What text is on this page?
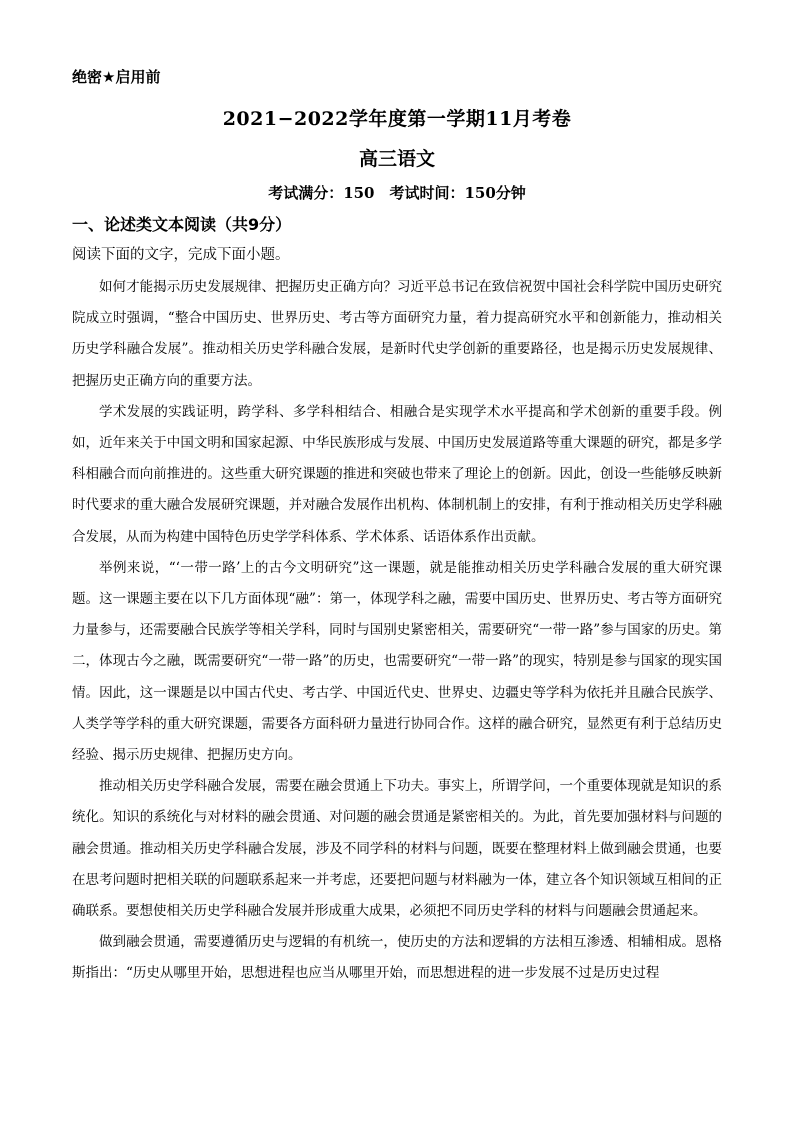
绝密★启用前
2021−2022学年度第一学期11月考卷
高三语文
考试满分：150　考试时间：150分钟
一、论述类文本阅读（共9分）
阅读下面的文字，完成下面小题。

如何才能揭示历史发展规律、把握历史正确方向？习近平总书记在致信祝贺中国社会科学院中国历史研究院成立时强调，“整合中国历史、世界历史、考古等方面研究力量，着力提高研究水平和创新能力，推动相关历史学科融合发展”。推动相关历史学科融合发展，是新时代史学创新的重要路径，也是揭示历史发展规律、把握历史正确方向的重要方法。

学术发展的实践证明，跨学科、多学科相结合、相融合是实现学术水平提高和学术创新的重要手段。例如，近年来关于中国文明和国家起源、中华民族形成与发展、中国历史发展道路等重大课题的研究，都是多学科相融合而向前推进的。这些重大研究课题的推进和突破也带来了理论上的创新。因此，创设一些能够反映新时代要求的重大融合发展研究课题，并对融合发展作出机构、体制机制上的安排，有利于推动相关历史学科融合发展，从而为构建中国特色历史学学科体系、学术体系、话语体系作出贡献。

举例来说，“‘一带一路’上的古今文明研究”这一课题，就是能推动相关历史学科融合发展的重大研究课题。这一课题主要在以下几方面体现“融”：第一，体现学科之融，需要中国历史、世界历史、考古等方面研究力量参与，还需要融合民族学等相关学科，同时与国别史紧密相关，需要研究“一带一路”参与国家的历史。第二，体现古今之融，既需要研究“一带一路”的历史，也需要研究“一带一路”的现实，特别是参与国家的现实国情。因此，这一课题是以中国古代史、考古学、中国近代史、世界史、边疆史等学科为依托并且融合民族学、人类学等学科的重大研究课题，需要各方面科研力量进行协同合作。这样的融合研究，显然更有利于总结历史经验、揭示历史规律、把握历史方向。

推动相关历史学科融合发展，需要在融会贯通上下功夫。事实上，所谓学问，一个重要体现就是知识的系统化。知识的系统化与对材料的融会贯通、对问题的融会贯通是紧密相关的。为此，首先要加强材料与问题的融会贯通。推动相关历史学科融合发展，涉及不同学科的材料与问题，既要在整理材料上做到融会贯通，也要在思考问题时把相关联的问题联系起来一并考虑，还要把问题与材料融为一体，建立各个知识领域互相间的正确联系。要想使相关历史学科融合发展并形成重大成果，必须把不同历史学科的材料与问题融会贯通起来。

做到融会贯通，需要遵循历史与逻辑的有机统一，使历史的方法和逻辑的方法相互渗透、相辅相成。恩格斯指出：“历史从哪里开始，思想进程也应当从哪里开始，而思想进程的进一步发展不过是历史过程
